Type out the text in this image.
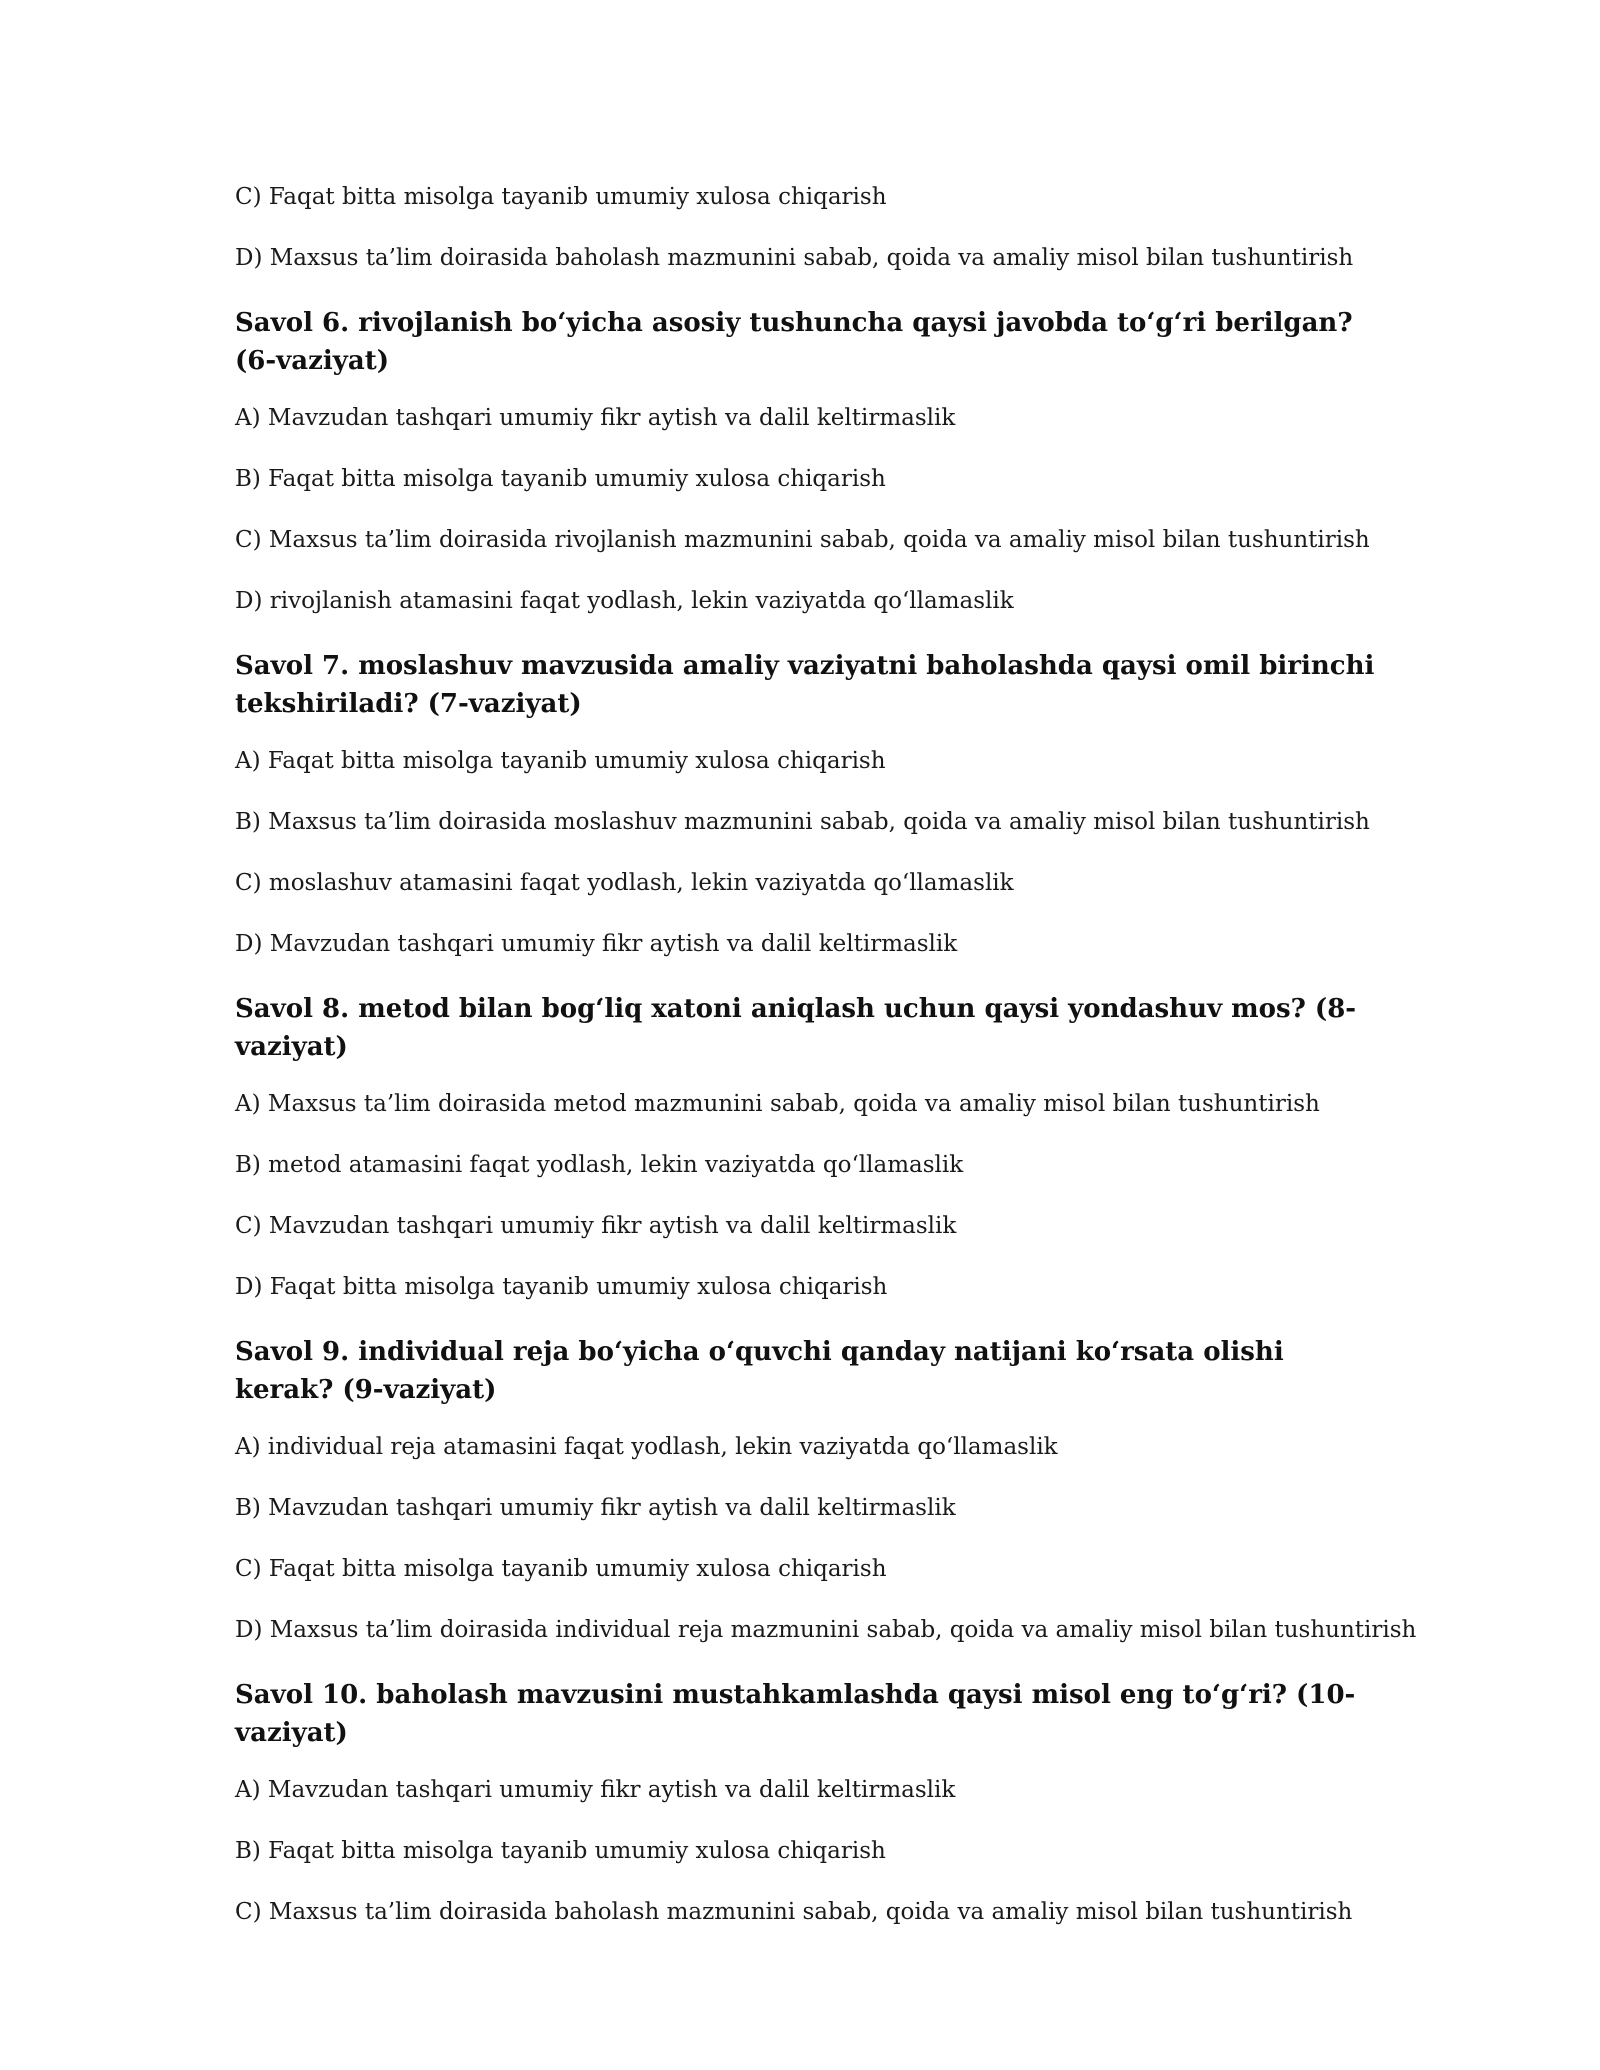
C) Faqat bitta misolga tayanib umumiy xulosa chiqarish

D) Maxsus ta’lim doirasida baholash mazmunini sabab, qoida va amaliy misol bilan tushuntirish

Savol 6. rivojlanish bo‘yicha asosiy tushuncha qaysi javobda to‘g‘ri berilgan? (6-vaziyat)

A) Mavzudan tashqari umumiy fikr aytish va dalil keltirmaslik

B) Faqat bitta misolga tayanib umumiy xulosa chiqarish

C) Maxsus ta’lim doirasida rivojlanish mazmunini sabab, qoida va amaliy misol bilan tushuntirish

D) rivojlanish atamasini faqat yodlash, lekin vaziyatda qo‘llamaslik

Savol 7. moslashuv mavzusida amaliy vaziyatni baholashda qaysi omil birinchi tekshiriladi? (7-vaziyat)

A) Faqat bitta misolga tayanib umumiy xulosa chiqarish

B) Maxsus ta’lim doirasida moslashuv mazmunini sabab, qoida va amaliy misol bilan tushuntirish

C) moslashuv atamasini faqat yodlash, lekin vaziyatda qo‘llamaslik

D) Mavzudan tashqari umumiy fikr aytish va dalil keltirmaslik

Savol 8. metod bilan bog‘liq xatoni aniqlash uchun qaysi yondashuv mos? (8-vaziyat)

A) Maxsus ta’lim doirasida metod mazmunini sabab, qoida va amaliy misol bilan tushuntirish

B) metod atamasini faqat yodlash, lekin vaziyatda qo‘llamaslik

C) Mavzudan tashqari umumiy fikr aytish va dalil keltirmaslik

D) Faqat bitta misolga tayanib umumiy xulosa chiqarish

Savol 9. individual reja bo‘yicha o‘quvchi qanday natijani ko‘rsata olishi kerak? (9-vaziyat)

A) individual reja atamasini faqat yodlash, lekin vaziyatda qo‘llamaslik

B) Mavzudan tashqari umumiy fikr aytish va dalil keltirmaslik

C) Faqat bitta misolga tayanib umumiy xulosa chiqarish

D) Maxsus ta’lim doirasida individual reja mazmunini sabab, qoida va amaliy misol bilan tushuntirish

Savol 10. baholash mavzusini mustahkamlashda qaysi misol eng to‘g‘ri? (10-vaziyat)

A) Mavzudan tashqari umumiy fikr aytish va dalil keltirmaslik

B) Faqat bitta misolga tayanib umumiy xulosa chiqarish

C) Maxsus ta’lim doirasida baholash mazmunini sabab, qoida va amaliy misol bilan tushuntirish
